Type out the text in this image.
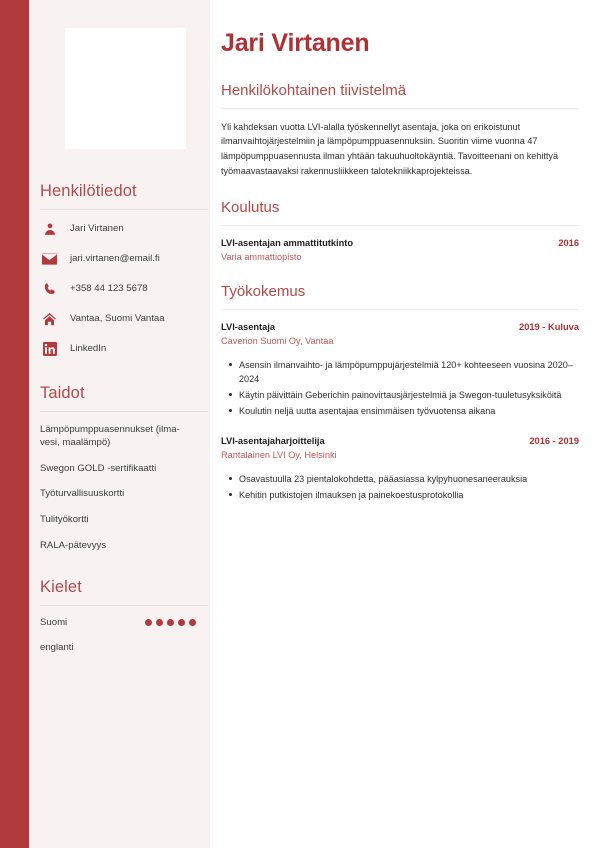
Henkilötiedot
Jari Virtanen
jari.virtanen@email.fi
+358 44 123 5678
Vantaa, Suomi Vantaa
LinkedIn
Taidot
Lämpöpumppuasennukset (ilma-vesi, maalämpö)
Swegon GOLD -sertifikaatti
Työturvallisuuskortti
Tulityökortti
RALA-pätevyys
Kielet
Suomi
englanti
Jari Virtanen
Henkilökohtainen tiivistelmä

Yli kahdeksan vuotta LVI-alalla työskennellyt asentaja, joka on erikoistunut ilmanvaihtojärjestelmiin ja lämpöpumppuasennuksiin. Suoritin viime vuonna 47 lämpöpumppuasennusta ilman yhtään takuuhuoltokäyntiä. Tavoitteenani on kehittyä työmaavastaavaksi rakennusliikkeen talotekniikkaprojekteissa.

Koulutus
LVI-asentajan ammattitutkinto	2016
Varia ammattiopisto
Työkokemus
LVI-asentaja	2019 - Kuluva
Caverion Suomi Oy, Vantaa
Asensin ilmanvaihto- ja lämpöpumppujärjestelmiä 120+ kohteeseen vuosina 2020–2024
Käytin päivittäin Geberichin painovirtausjärjestelmiä ja Swegon-tuuletusyksiköitä
Koulutin neljä uutta asentajaa ensimmäisen työvuotensa aikana
LVI-asentajaharjoittelija	2016 - 2019
Rantalainen LVI Oy, Helsinki
Osavastuulla 23 pientalokohdetta, pääasiassa kylpyhuonesaneerauksia
Kehitin putkistojen ilmauksen ja painekoestusprotokollia
